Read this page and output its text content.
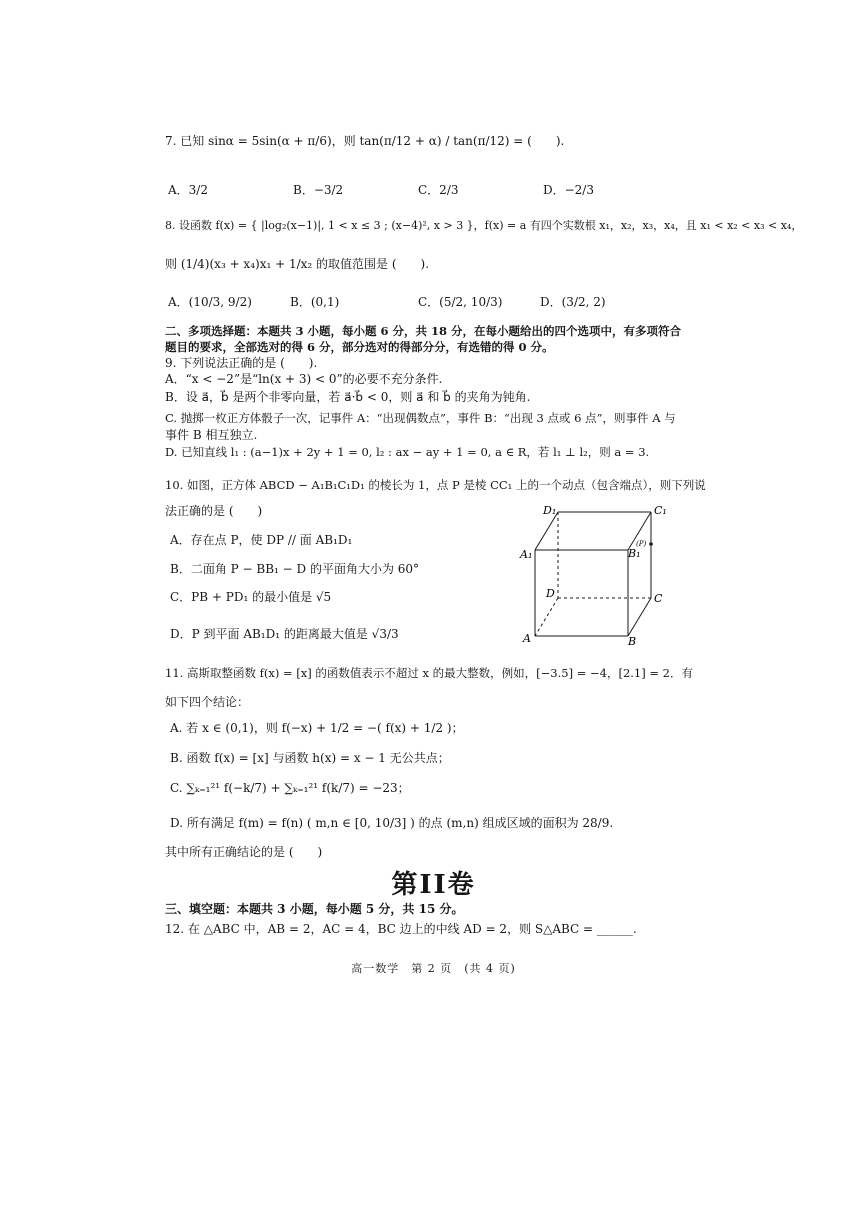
7. 已知 sinα = 5sin(α + π/6)，则 tan(π/12 + α) / tan(π/12) = (　　).
A．3/2	B．−3/2	C．2/3	D．−2/3
8. 设函数 f(x) = { |log₂(x−1)|, 1 < x ≤ 3 ; (x−4)², x > 3 }，f(x) = a 有四个实数根 x₁，x₂，x₃，x₄，且 x₁ < x₂ < x₃ < x₄，
则 (1/4)(x₃ + x₄)x₁ + 1/x₂ 的取值范围是 (　　).
A．(10/3, 9/2)	B．(0,1)	C．(5/2, 10/3)	D．(3/2, 2)
二、多项选择题：本题共 3 小题，每小题 6 分，共 18 分，在每小题给出的四个选项中，有多项符合
题目的要求，全部选对的得 6 分，部分选对的得部分分，有选错的得 0 分。
9. 下列说法正确的是 (　　).
A．“x < −2”是“ln(x + 3) < 0”的必要不充分条件.
B．设 a⃗，b⃗ 是两个非零向量，若 a⃗·b⃗ < 0，则 a⃗ 和 b⃗ 的夹角为钝角.
C. 抛掷一枚正方体骰子一次，记事件 A：“出现偶数点”，事件 B：“出现 3 点或 6 点”，则事件 A 与
事件 B 相互独立.
D. 已知直线 l₁ : (a−1)x + 2y + 1 = 0, l₂ : ax − ay + 1 = 0, a ∈ R，若 l₁ ⊥ l₂，则 a = 3.
10. 如图，正方体 ABCD − A₁B₁C₁D₁ 的棱长为 1，点 P 是棱 CC₁ 上的一个动点（包含端点），则下列说
法正确的是 (　　)
A．存在点 P，使 DP // 面 AB₁D₁
B．二面角 P − BB₁ − D 的平面角大小为 60°
C．PB + PD₁ 的最小值是 √5
D．P 到平面 AB₁D₁ 的距离最大值是 √3/3
D₁	C₁
A₁	B₁
(P)
D	C
A	B
11. 高斯取整函数 f(x) = [x] 的函数值表示不超过 x 的最大整数，例如，[−3.5] = −4，[2.1] = 2．有
如下四个结论：
A. 若 x ∈ (0,1)，则 f(−x) + 1/2 = −( f(x) + 1/2 )；
B. 函数 f(x) = [x] 与函数 h(x) = x − 1 无公共点；
C. ∑ₖ₌₁²¹ f(−k/7) + ∑ₖ₌₁²¹ f(k/7) = −23；
D. 所有满足 f(m) = f(n) ( m,n ∈ [0, 10/3] ) 的点 (m,n) 组成区域的面积为 28/9.
其中所有正确结论的是 (　　)
第II卷
三、填空题：本题共 3 小题，每小题 5 分，共 15 分。
12. 在 △ABC 中，AB = 2，AC = 4，BC 边上的中线 AD = 2，则 S△ABC = ______.
高一数学　第 2 页　(共 4 页)
